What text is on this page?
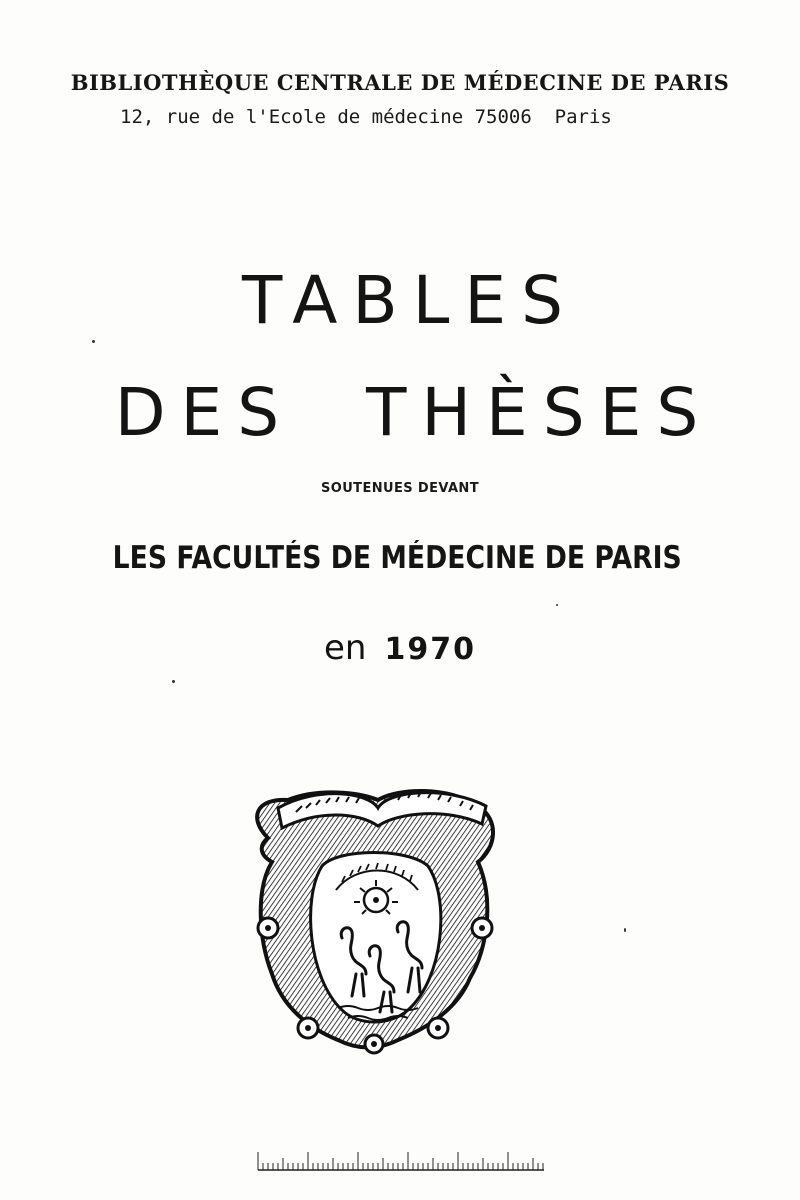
BIBLIOTHÈQUE CENTRALE DE MÉDECINE DE PARIS
12, rue de l'Ecole de médecine 75006  Paris
TABLES
DES THÈSES
SOUTENUES DEVANT
LES FACULTÉS DE MÉDECINE DE PARIS
en 1970
